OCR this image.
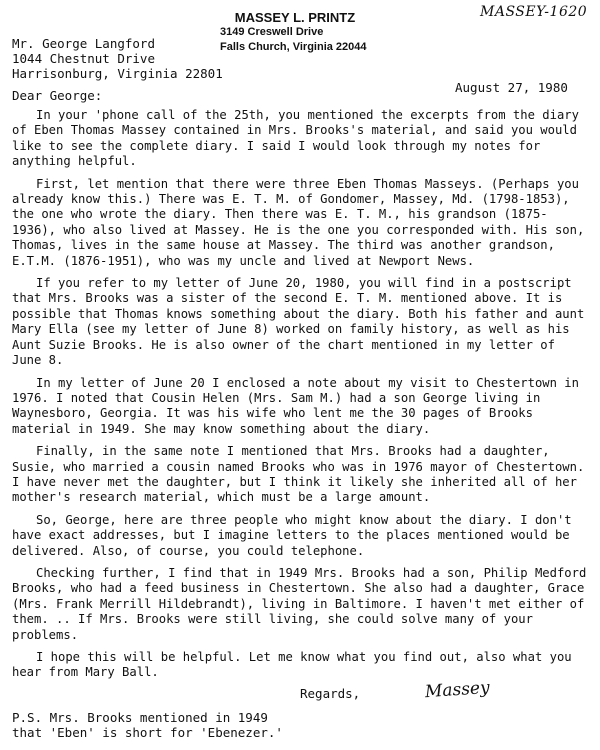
MASSEY-1620
MASSEY L. PRINTZ
3149 Creswell Drive
Falls Church, Virginia 22044
Mr. George Langford
1044 Chestnut Drive
Harrisonburg, Virginia 22801
August 27, 1980
Dear George:

In your 'phone call of the 25th, you mentioned the excerpts from the diary of Eben Thomas Massey contained in Mrs. Brooks's material, and said you would like to see the complete diary. I said I would look through my notes for anything helpful.

First, let mention that there were three Eben Thomas Masseys. (Perhaps you already know this.) There was E. T. M. of Gondomer, Massey, Md. (1798-1853), the one who wrote the diary. Then there was E. T. M., his grandson (1875-1936), who also lived at Massey. He is the one you corresponded with. His son, Thomas, lives in the same house at Massey. The third was another grandson, E.T.M. (1876-1951), who was my uncle and lived at Newport News.

If you refer to my letter of June 20, 1980, you will find in a postscript that Mrs. Brooks was a sister of the second E. T. M. mentioned above. It is possible that Thomas knows something about the diary. Both his father and aunt Mary Ella (see my letter of June 8) worked on family history, as well as his Aunt Suzie Brooks. He is also owner of the chart mentioned in my letter of June 8.

In my letter of June 20 I enclosed a note about my visit to Chestertown in 1976. I noted that Cousin Helen (Mrs. Sam M.) had a son George living in Waynesboro, Georgia. It was his wife who lent me the 30 pages of Brooks material in 1949. She may know something about the diary.

Finally, in the same note I mentioned that Mrs. Brooks had a daughter, Susie, who married a cousin named Brooks who was in 1976 mayor of Chestertown. I have never met the daughter, but I think it likely she inherited all of her mother's research material, which must be a large amount.

So, George, here are three people who might know about the diary. I don't have exact addresses, but I imagine letters to the places mentioned would be delivered. Also, of course, you could telephone.

Checking further, I find that in 1949 Mrs. Brooks had a son, Philip Medford Brooks, who had a feed business in Chestertown. She also had a daughter, Grace (Mrs. Frank Merrill Hildebrandt), living in Baltimore. I haven't met either of them. .. If Mrs. Brooks were still living, she could solve many of your problems.

I hope this will be helpful. Let me know what you find out, also what you hear from Mary Ball.

Regards,	Massey
P.S. Mrs. Brooks mentioned in 1949
that 'Eben' is short for 'Ebenezer.'
